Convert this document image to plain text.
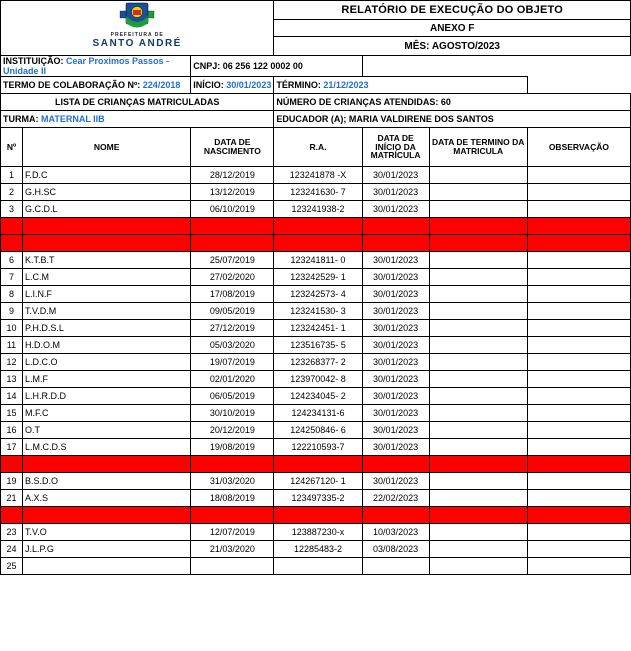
PREFEITURA DE
SANTO ANDRÉ			RELATÓRIO DE EXECUÇÃO DO OBJETO			
			ANEXO F			
			MÊS: AGOSTO/2023			
INSTITUIÇÃO: Cear Proximos Passos - Unidade II		CNPJ: 06 256 122 0002 00				
TERMO DE COLABORAÇÃO Nº: 224/2018		INÍCIO: 30/01/2023	TÉRMINO: 21/12/2023			
LISTA DE CRIANÇAS MATRICULADAS			NÚMERO DE CRIANÇAS ATENDIDAS: 60			
TURMA: MATERNAL IIB			EDUCADOR (A); MARIA VALDIRENE DOS SANTOS			
Nº	NOME	DATA DE NASCIMENTO	R.A.	DATA DE INÍCIO DA MATRÍCULA	DATA DE TERMINO DA MATRICULA	OBSERVAÇÃO
1	F.D.C	28/12/2019	123241878 -X	30/01/2023		
2	G.H.SC	13/12/2019	123241630- 7	30/01/2023		
3	G.C.D.L	06/10/2019	123241938-2	30/01/2023		
4	J.V.R	23/11/2019	122703806-1	30/01/2023	10/07/2023	
5	J.A.F	19/07/2019	122131903- 6	30/01/2023	17/02/2023	
6	K.T.B.T	25/07/2019	123241811- 0	30/01/2023		
7	L.C.M	27/02/2020	123242529- 1	30/01/2023		
8	L.I.N.F	17/08/2019	123242573- 4	30/01/2023		
9	T.V.D.M	09/05/2019	123241530- 3	30/01/2023		
10	P.H.D.S.L	27/12/2019	123242451- 1	30/01/2023		
11	H.D.O.M	05/03/2020	123516735- 5	30/01/2023		
12	L.D.C.O	19/07/2019	123268377- 2	30/01/2023		
13	L.M.F	02/01/2020	123970042- 8	30/01/2023		
14	L.H.R.D.D	06/05/2019	124234045- 2	30/01/2023		
15	M.F.C	30/10/2019	124234131-6	30/01/2023		
16	O.T	20/12/2019	124250846- 6	30/01/2023		
17	L.M.C.D.S	19/08/2019	122210593-7	30/01/2023		
18	K.R.C	07/07/2019	123215147-6	30/01/2023	15/02/2023	
19	B.S.D.O	31/03/2020	124267120- 1	30/01/2023		
21	A.X.S	18/08/2019	123497335-2	22/02/2023		
22	T.Q.S	09/03/2020	0-000092	27/02/2023	02/05/2023	
23	T.V.O	12/07/2019	123887230-x	10/03/2023		
24	J.L.P.G	21/03/2020	12285483-2	03/08/2023		
25						
